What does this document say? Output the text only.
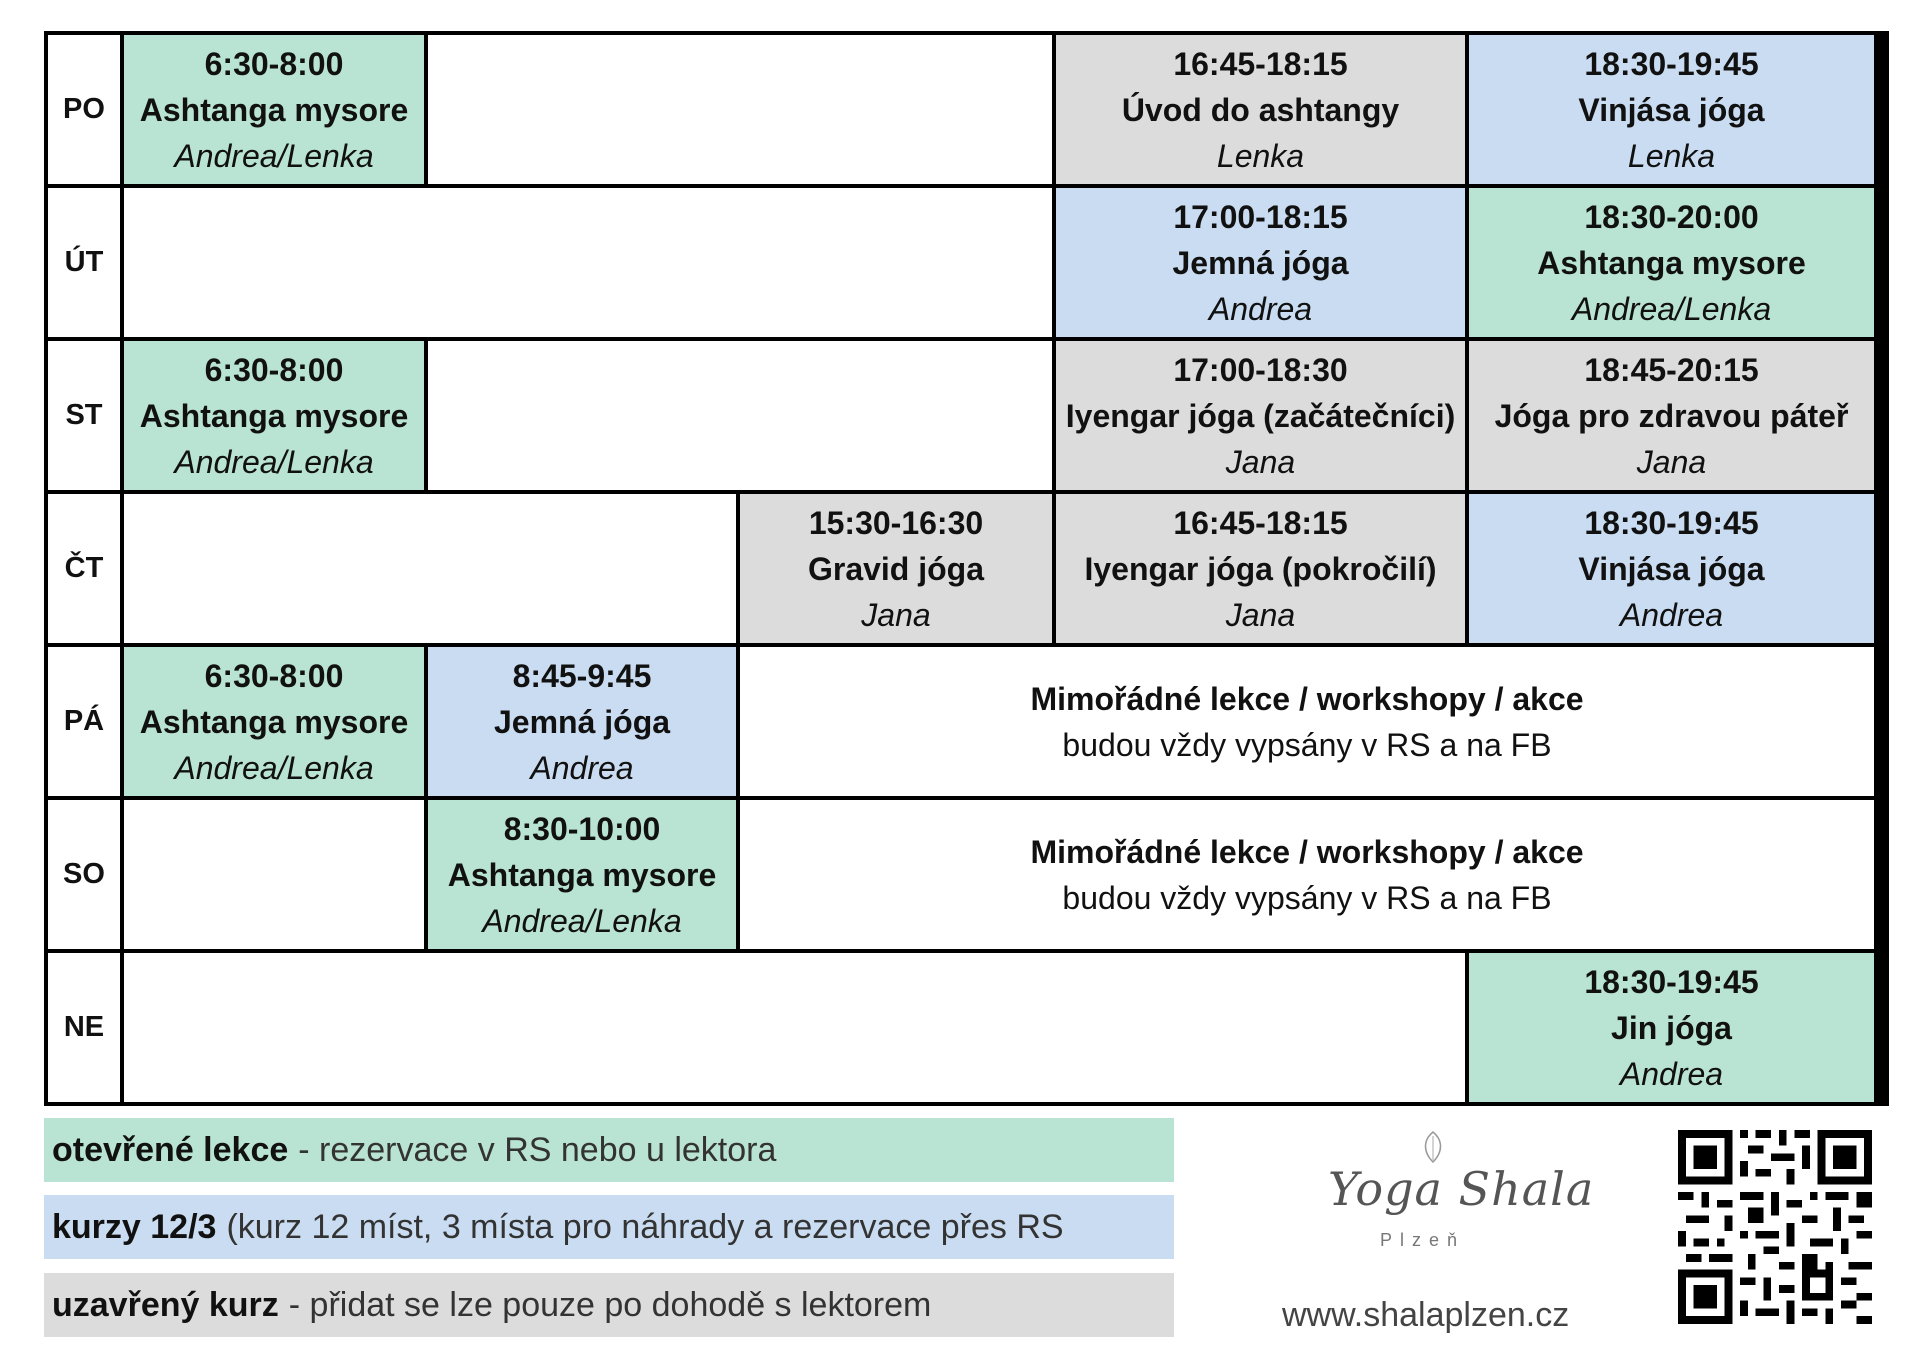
PO
6:30-8:00
Ashtanga mysore
Andrea/Lenka
16:45-18:15
Úvod do ashtangy
Lenka
18:30-19:45
Vinjása jóga
Lenka
ÚT
17:00-18:15
Jemná jóga
Andrea
18:30-20:00
Ashtanga mysore
Andrea/Lenka
ST
6:30-8:00
Ashtanga mysore
Andrea/Lenka
17:00-18:30
Iyengar jóga (začátečníci)
Jana
18:45-20:15
Jóga pro zdravou páteř
Jana
ČT
15:30-16:30
Gravid jóga
Jana
16:45-18:15
Iyengar jóga (pokročilí)
Jana
18:30-19:45
Vinjása jóga
Andrea
PÁ
6:30-8:00
Ashtanga mysore
Andrea/Lenka
8:45-9:45
Jemná jóga
Andrea
Mimořádné lekce / workshopy / akce
budou vždy vypsány v RS a na FB
SO
8:30-10:00
Ashtanga mysore
Andrea/Lenka
Mimořádné lekce / workshopy / akce
budou vždy vypsány v RS a na FB
NE
18:30-19:45
Jin jóga
Andrea
otevřené lekce - rezervace v RS nebo u lektora
kurzy 12/3 (kurz 12 míst, 3 místa pro náhrady a rezervace přes RS
uzavřený kurz - přidat se lze pouze po dohodě s lektorem
Yoga Shala
Plzeň
www.shalaplzen.cz
